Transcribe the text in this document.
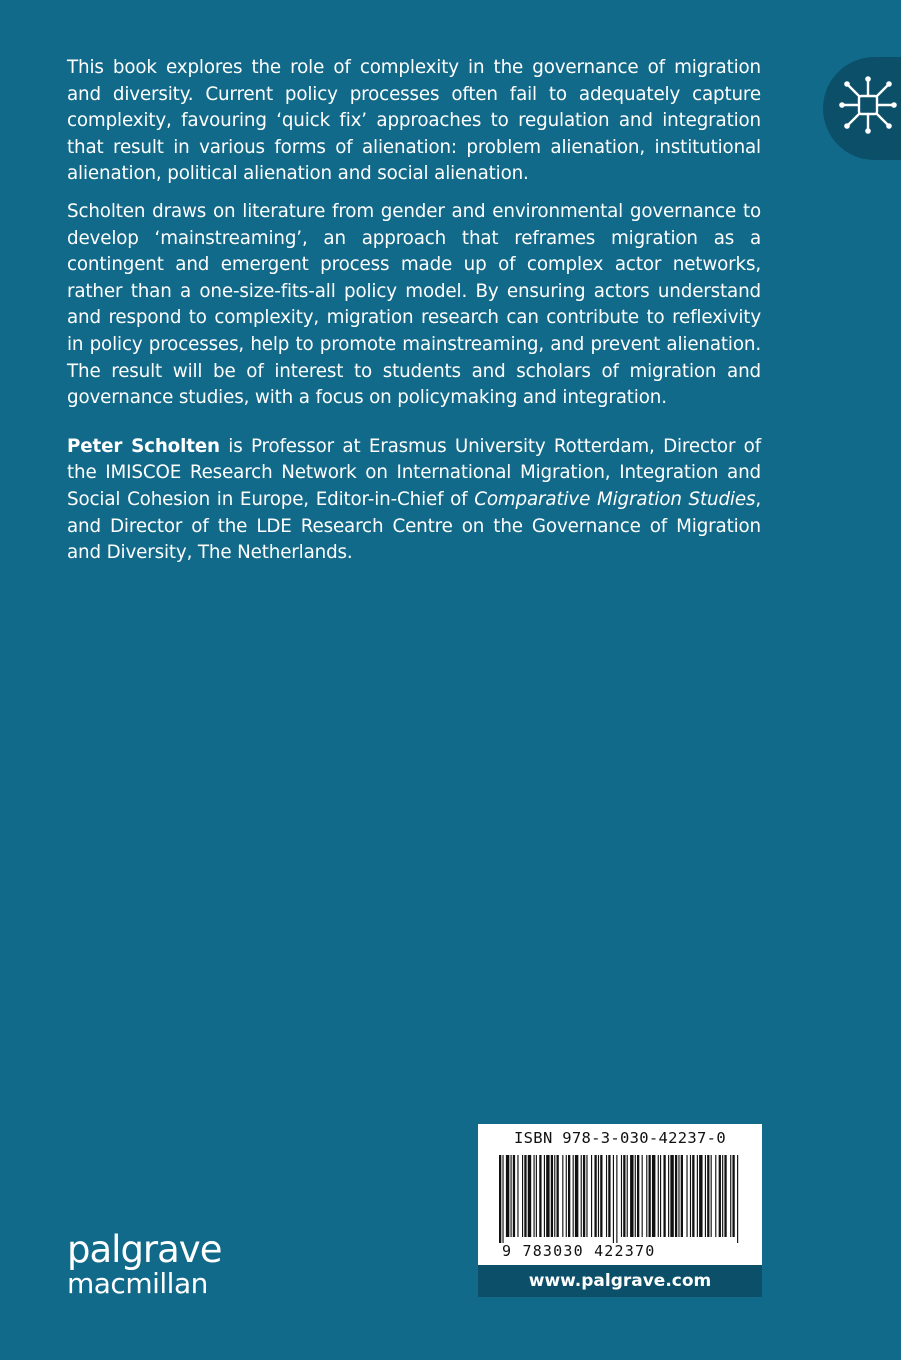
This book explores the role of complexity in the governance of migration and diversity. Current policy processes often fail to adequately capture complexity, favouring ‘quick fix’ approaches to regulation and integration that result in various forms of alienation: problem alienation, institutional alienation, political alienation and social alienation.

Scholten draws on literature from gender and environmental governance to develop ‘mainstreaming’, an approach that reframes migration as a contingent and emergent process made up of complex actor networks, rather than a one-size-fits-all policy model. By ensuring actors understand and respond to complexity, migration research can contribute to reflexivity in policy processes, help to promote mainstreaming, and prevent alienation. The result will be of interest to students and scholars of migration and governance studies, with a focus on policymaking and integration.

Peter Scholten is Professor at Erasmus University Rotterdam, Director of the IMISCOE Research Network on International Migration, Integration and Social Cohesion in Europe, Editor-in-Chief of Comparative Migration Studies, and Director of the LDE Research Centre on the Governance of Migration and Diversity, The Netherlands.

palgrave
macmillan
ISBN 978-3-030-42237-0
9 783030 422370
www.palgrave.com
